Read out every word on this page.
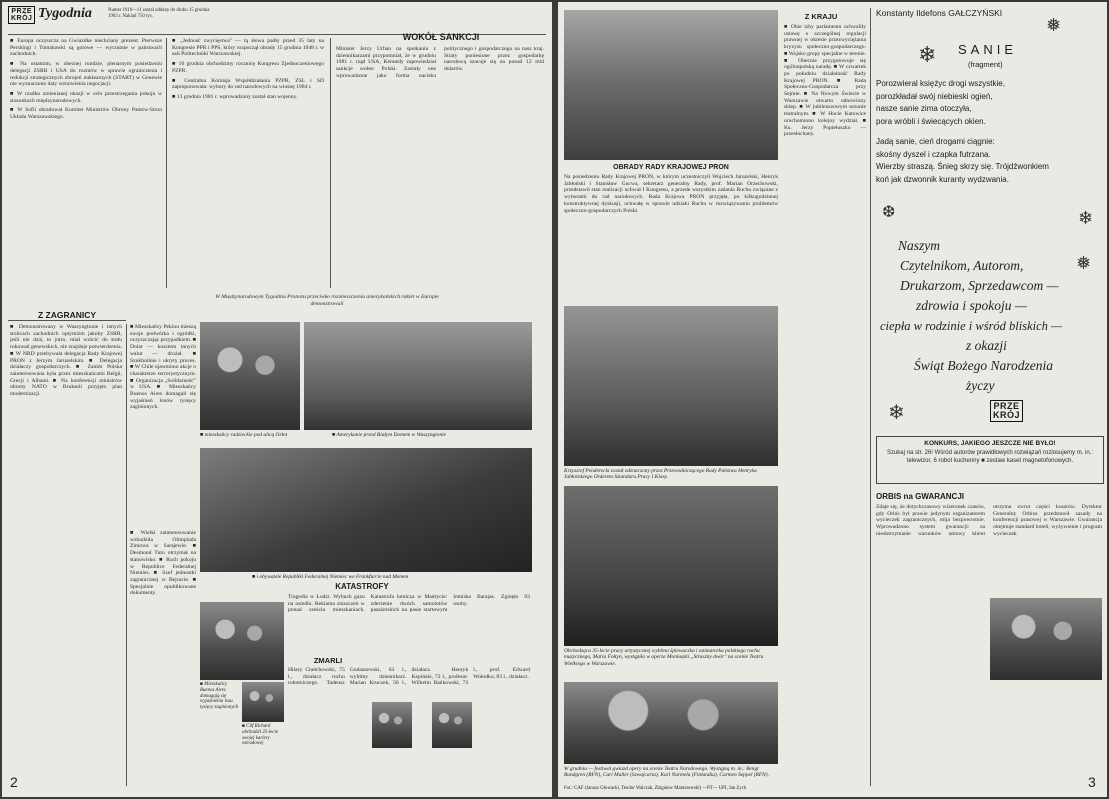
PRZE
KRÓJ Tygodnia	Numer 1910—11 zostal oddany do druku 15 grudnia 1983 r. Naklad 750 tys.

■ Europa oczyszcza na Gwiazdke niechciany prezent. Pierwsze Pershingi i Tomahawki są gotowe — wyrzutnie w państwach zachodnich.

■ Na ostatnim, w obecnej rundzie, plenarnym posiedzeniu delegacji ZSRR i USA do rozmów w sprawie ograniczenia i redukcji strategicznych zbrojeń nuklearnych (START) w Genewie nie wyznaczono daty wznowienia negocjacji.

■ W rzadko zmienianej okazji w celu przestrzegania pokoju w stosunkach międzynarodowych.

■ W Sofii obradował Komitet Ministrów Obrony Państw-Stron Układu Warszawskiego.

■ „Jedność zwycięstwa" — tą słowa padły przed 35 laty na Kongresie PPR i PPS, który rozpoczął obrady 15 grudnia 1948 r. w sali Politechniki Warszawskiej.

■ 16 grudnia obchodzimy rocznicę Kongresu Zjednoczeniowego PZPR.

■ Centralna Komisja Współdziałania PZPR, ZSL i SD zaproponowała: wybory do rad narodowych na wiosnę 1984 r.

■ 13 grudnia 1981 r. wprowadzony został stan wojenny.

WOKÓŁ SANKCJI
Minister Jerzy Urban na spotkaniu z dziennikarzami przypomniał, że w grudniu 1981 r. rząd USA, Kennedy zapowiedział sankcje wobec Polski. Zostały one wprowadzone jako forma nacisku politycznego i gospodarczego na nasz kraj. Straty poniesione przez gospodarkę narodową szacuje się na ponad 12 mld dolarów.
W Międzynarodowym Tygodniu Protestu przeciwko rozmieszczeniu amerykańskich rakiet w Europie demonstrowali
Z ZAGRANICY
■ Demonstrowany w Waszyngtonie i innych stolicach zachodnich optymizm jakoby ZSRR, jeśli nie dziś, to jutro, miał wrócić do stołu rokowań genewskich, nie znajduje potwierdzenia. ■ W NRD przebywała delegacja Rady Krajowej PRON z Jerzym Jaruzelskim. ■ Delegacja działaczy gospodarczych. ■ Zanim Polska zainteresowana była przez mieszkańcami Belgii, Grecji i Albanii. ■ Na konferencji ministrów obrony NATO w Brukseli przyjęto plan modernizacji.
■ Mieszkańcy Pekinu mieszą swoje podwórka i ogródki, oczyszczając przypadkiem. ■ Dolar — kosztem innych walut — drożał. ■ Szukholinie i ukryty proces. ■ W Chile ujawniono akcje o charakterze terrorystycznym. ■ Organizacja „Solidarność" w USA. ■ Mieszkańcy Buenos Aires domagali się wyjaśnień losów tysięcy zaginionych.
■ mieszkańcy radzieckie pod ulicą Orłot	■ Amerykanie przed Białym Domem w Waszyngtonie
■ i obywatele Republiki Federalnej Niemiec we Frankfurcie nad Menem
■ Wielki zainteresowanie wzbudziła Olimpiada Zimowa w Sarajewie. ■ Desmond Tutu otrzymał na stanowisko. ■ Ruch pokoju w Republice Federalnej Niemiec. ■ Szef jednostki zagranicznej w Bejrucie. ■ Specjalnie opublikowane dokumenty.
KATASTROFY
Tragedia w Łodzi. Wybuch gazu na osiedlu. Reklama zniszczeń w ponad sześciu mieszkaniach. Katastrofa lotnicza w Madrycie: zderzenie dwóch samolotów pasażerskich na pasie startowym lotniska Barajas. Zginęło 93 osoby.
■ Mieszkańcy Buenos Aires domagają się wyjaśnienia losu tysięcy zaginionych
■ Clif Richard obchodził 25-lecie swojej kariery estradowej
ZMARLI
Hilary Chełchowski, 75 l., działacz ruchu robotniczego. Tadeusz Gudaszewski, 63 l., wybitny dziennikarz. Marian Kruczek, 56 l., działacz. Henryk Kepiński, 72 l., profesor. Wilhelm Bańkowski, 73 l., prof. Edward Wołodko, 83 l., działacz.
2
Z KRAJU
■ Obie izby parlamentu uchwaliły ustawę o szczególnej regulacji prawnej w okresie przezwyciężania kryzysu społeczno-gospodarczego. ■ Wojsko grupy specjalne w terenie. ■ Obecnie przygotowuje się ogólnopolską naradę. ■ W czwartek po południu działalność Rady Krajowej PRON. ■ Rada Społeczno-Gospodarcza przy Sejmie. ■ Na Nowym Świecie w Warszawie otwarto odnowiony sklep. ■ W jubileuszowym sezonie teatralnym. ■ W Hucie Katowice uruchomiono kolejny wydział. ■ Ks. Jerzy Popiełuszko — przesłuchany.
OBRADY RADY KRAJOWEJ PRON
Na posiedzeniu Rady Krajowej PRON, w którym uczestniczyli Wojciech Jaruzelski, Henryk Jabłoński i Stanisław Gucwa, sekretarz generalny Rady, prof. Marian Orzechowski, przedstawił stan realizacji uchwał I Kongresu, a przede wszystkim zadania Ruchu związane z wyborami do rad narodowych. Rada Krajowa PRON przyjęła, po kilkugodzinnej konstruktywnej dyskusji, uchwałę w sprawie udziału Ruchu w rozwiązywaniu problemów społeczno-gospodarczych Polski.
Krzysztof Penderecki został odznaczony przez Przewodniczącego Rady Państwa Henryka Jabłońskiego Orderem Sztandaru Pracy I Klasy.
Obchodząca 35-lecie pracy artystycznej wybitna śpiewaczka i animatorka polskiego ruchu muzycznego, Maria Fołtyn, wystąpiła w operze Moniuszki „Straszny dwór" na scenie Teatru Wielkiego w Warszawie.
W grudniu — festiwal gwiazd opery na scenie Teatru Narodowego. Wystąpią m. in.: Bengt Rundgren (RFN), Carl Muller (Szwajcaria), Karl Nurmela (Finlandia), Carmen Seppel (RFN).
Fot.: CAF (Janusz Głowacki, Teodor Walczak, Zbigniew Matuszewski) —PT— UPI, Jan Zych
Konstanty Ildefons GAŁCZYŃSKI
❄
❅
SANIE
(fragment)
Porozwieral księżyc drogi wszystkie,
porozkładał swój niebieski ogień,
nasze sanie zima otoczyła,
pora wróbli i świecących okien.
Jadą sanie, cień drogami ciągnie:
skośny dyszel i czapka futrzana.
Wierzby straszą. Śnieg skrzy się. Trójdźwonkiem
koń jak dzwonnik kuranty wydzwania.
❄
❆
Naszym
Czytelnikom, Autorom,
Drukarzom, Sprzedawcom —
zdrowia i spokoju —
ciepła w rodzinie i wśród bliskich —
z okazji
Świąt Bożego Narodzenia
życzy
❅
❄	PRZE
KRÓJ
KONKURS, JAKIEGO JESZCZE NIE BYŁO!
Szukaj na str. 26! Wśród autorów prawidłowych rozwiązań rozlosujemy m. in.: telewizor, 6 robot kuchenny ■ zestaw kaset magnetofonowych.
ORBIS na GWARANCJI
Zdaje się, że dotychczasowy wizerunek czasów, gdy Orbis był prawie jedynym organizatorem wycieczek zagranicznych, mija bezpowrotnie. Wprowadzono system gwarancji: za niedotrzymanie warunków umowy klient otrzyma zwrot części kosztów. Dyrektor Generalny Orbisu przedstawił zasady na konferencji prasowej w Warszawie. Gwarancja obejmuje standard hoteli, wyżywienie i program wycieczek.
3
